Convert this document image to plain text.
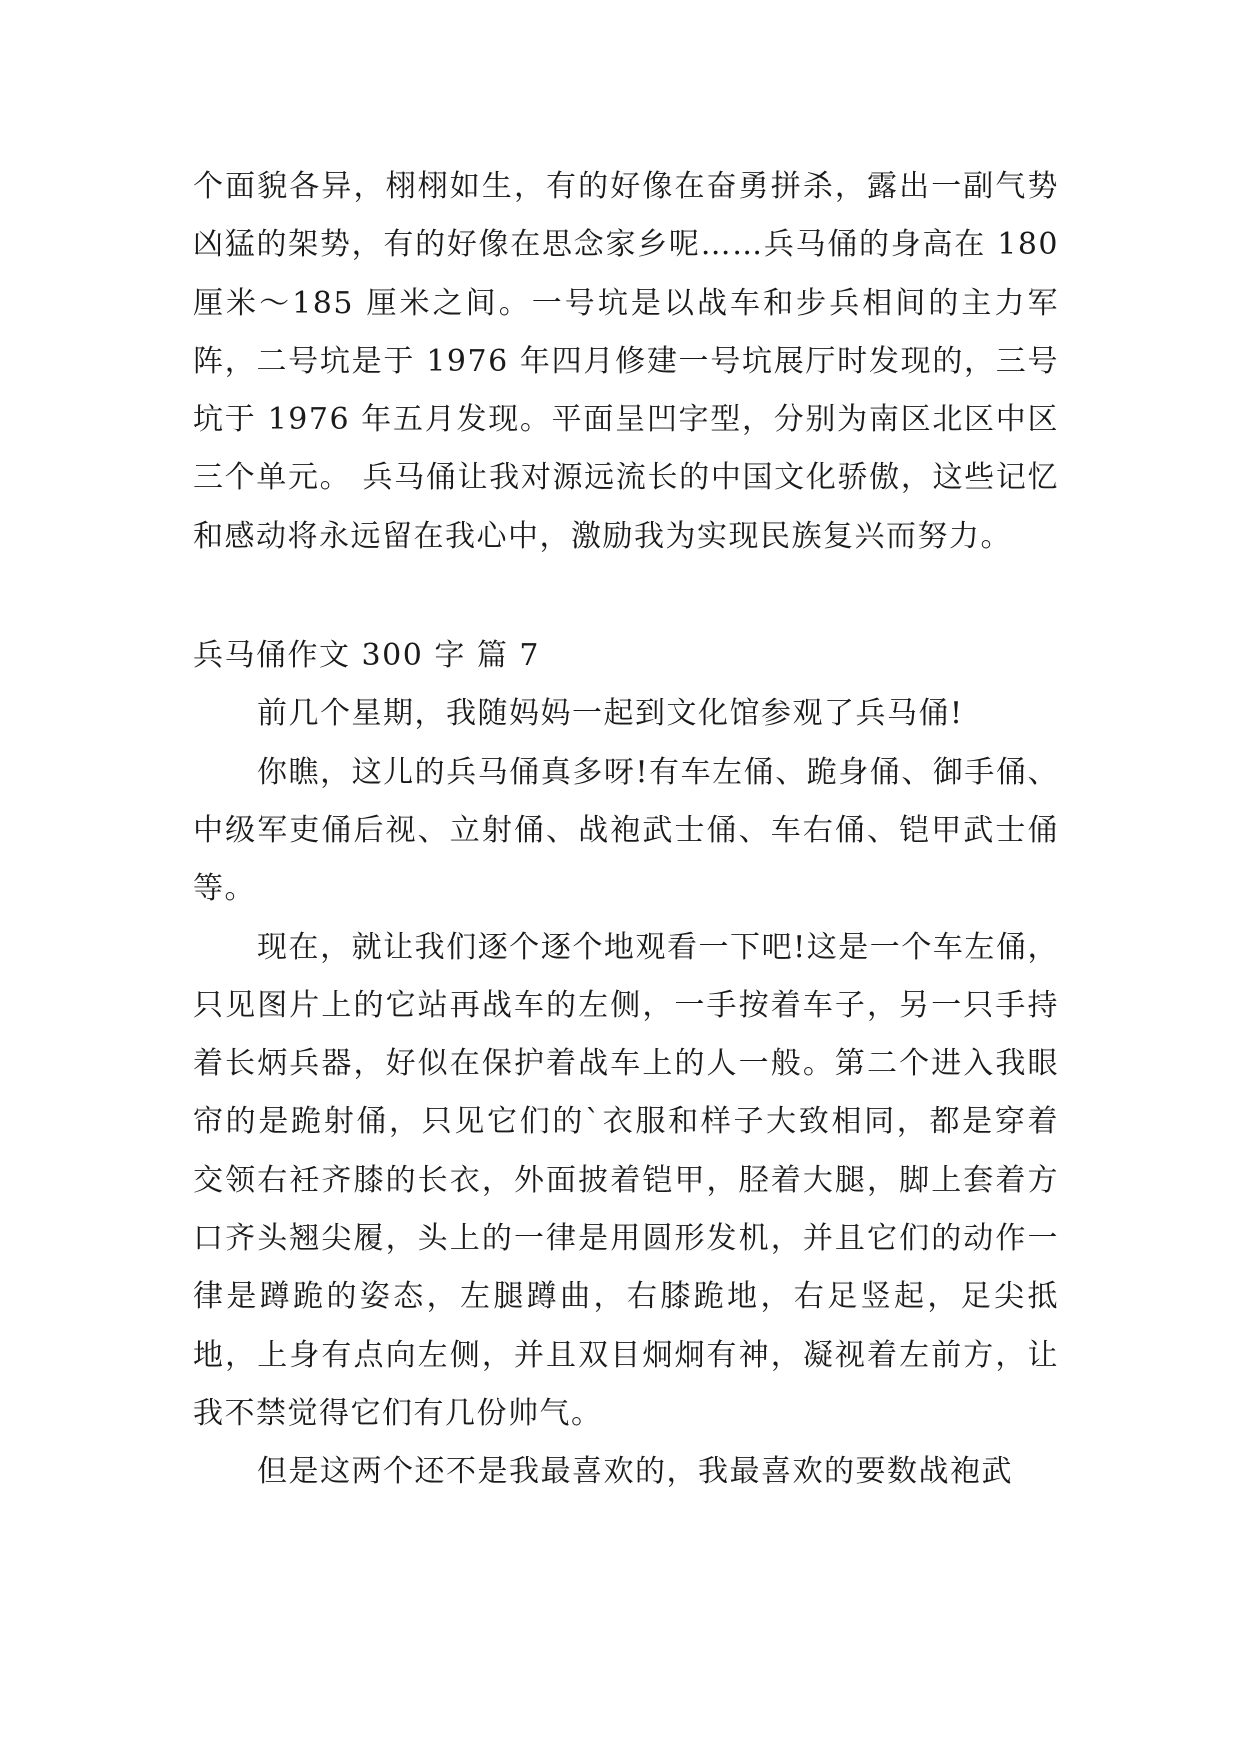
个面貌各异，栩栩如生，有的好像在奋勇拼杀，露出一副气势凶猛的架势，有的好像在思念家乡呢……兵马俑的身高在 180 厘米～185 厘米之间。一号坑是以战车和步兵相间的主力军阵，二号坑是于 1976 年四月修建一号坑展厅时发现的，三号坑于 1976 年五月发现。平面呈凹字型，分别为南区北区中区三个单元。 兵马俑让我对源远流长的中国文化骄傲，这些记忆和感动将永远留在我心中，激励我为实现民族复兴而努力。

兵马俑作文 300 字 篇 7

前几个星期，我随妈妈一起到文化馆参观了兵马俑!

你瞧，这儿的兵马俑真多呀!有车左俑、跪身俑、御手俑、中级军吏俑后视、立射俑、战袍武士俑、车右俑、铠甲武士俑等。

现在，就让我们逐个逐个地观看一下吧!这是一个车左俑，只见图片上的它站再战车的左侧，一手按着车子，另一只手持着长炳兵器，好似在保护着战车上的人一般。第二个进入我眼帘的是跪射俑，只见它们的`衣服和样子大致相同，都是穿着交领右衽齐膝的长衣，外面披着铠甲，胫着大腿，脚上套着方口齐头翘尖履，头上的一律是用圆形发机，并且它们的动作一律是蹲跪的姿态，左腿蹲曲，右膝跪地，右足竖起，足尖抵地，上身有点向左侧，并且双目炯炯有神，凝视着左前方，让我不禁觉得它们有几份帅气。

但是这两个还不是我最喜欢的，我最喜欢的要数战袍武
